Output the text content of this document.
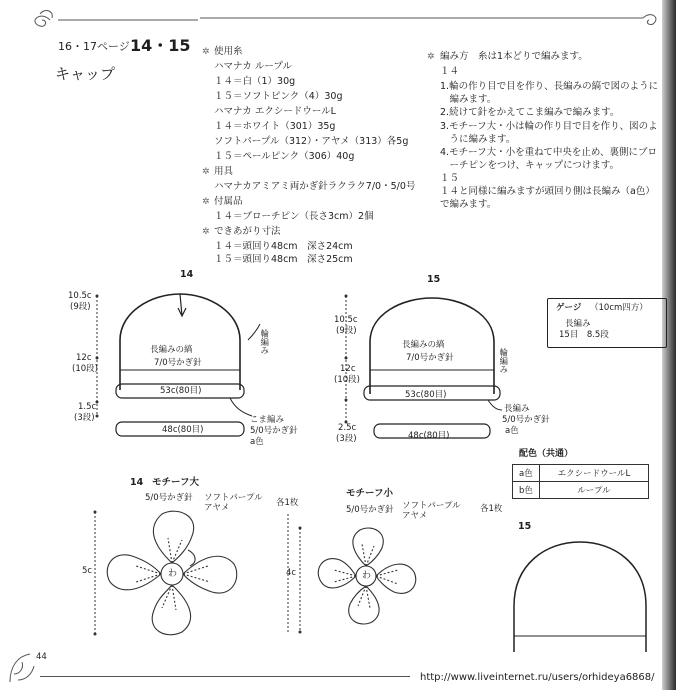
16・17ページ 14・15
キャップ
✲ 使用糸
ハマナカ ループル
１４＝白（1）30g
１５＝ソフトピンク（4）30g
ハマナカ エクシードウールL
１４＝ホワイト（301）35g
ソフトパープル（312）・アヤメ（313）各5g
１５＝ペールピンク（306）40g
✲ 用具
ハマナカアミアミ両かぎ針ラクラク7/0・5/0号
✲ 付属品
１４＝ブローチピン（長さ3cm）2個
✲ できあがり寸法
１４＝頭回り48cm　深さ24cm
１５＝頭回り48cm　深さ25cm
✲ 編み方　糸は1本どりで編みます。
１４
1.輪の作り目で目を作り、長編みの縞で図のように
　編みます。
2.続けて針をかえてこま編みで編みます。
3.モチーフ大・小は輪の作り目で目を作り、図のよ
　うに編みます。
4.モチーフ大・小を重ねて中央を止め、裏側にブロ
　ーチピンをつけ、キャップにつけます。
１５
１４と同様に編みますが頭回り側は長編み（a色）
で編みます。
14
10.5c
(9段)
12c
(10段)
1.5c
(3段)
長編みの縞
7/0号かぎ針
輪編み
53c(80目)
48c(80目)
こま編み
5/0号かぎ針
a色
15
10.5c
(9段)
12c
(10段)
2.5c
(3段)
長編みの縞
7/0号かぎ針	輪編み
53c(80目)
48c(80目)
長編み
5/0号かぎ針
a色
ゲージ （10cm四方）
長編み
15目　8.5段
配色（共通）
a色	エクシードウールL
b色	ループル
14 モチーフ大
5/0号かぎ針 ソフトパープル
アヤメ	各1枚
5c	わ
モチーフ小
5/0号かぎ針 ソフトパープル
アヤメ
各1枚
4c	わ
15
44
http://www.liveinternet.ru/users/orhideya6868/
